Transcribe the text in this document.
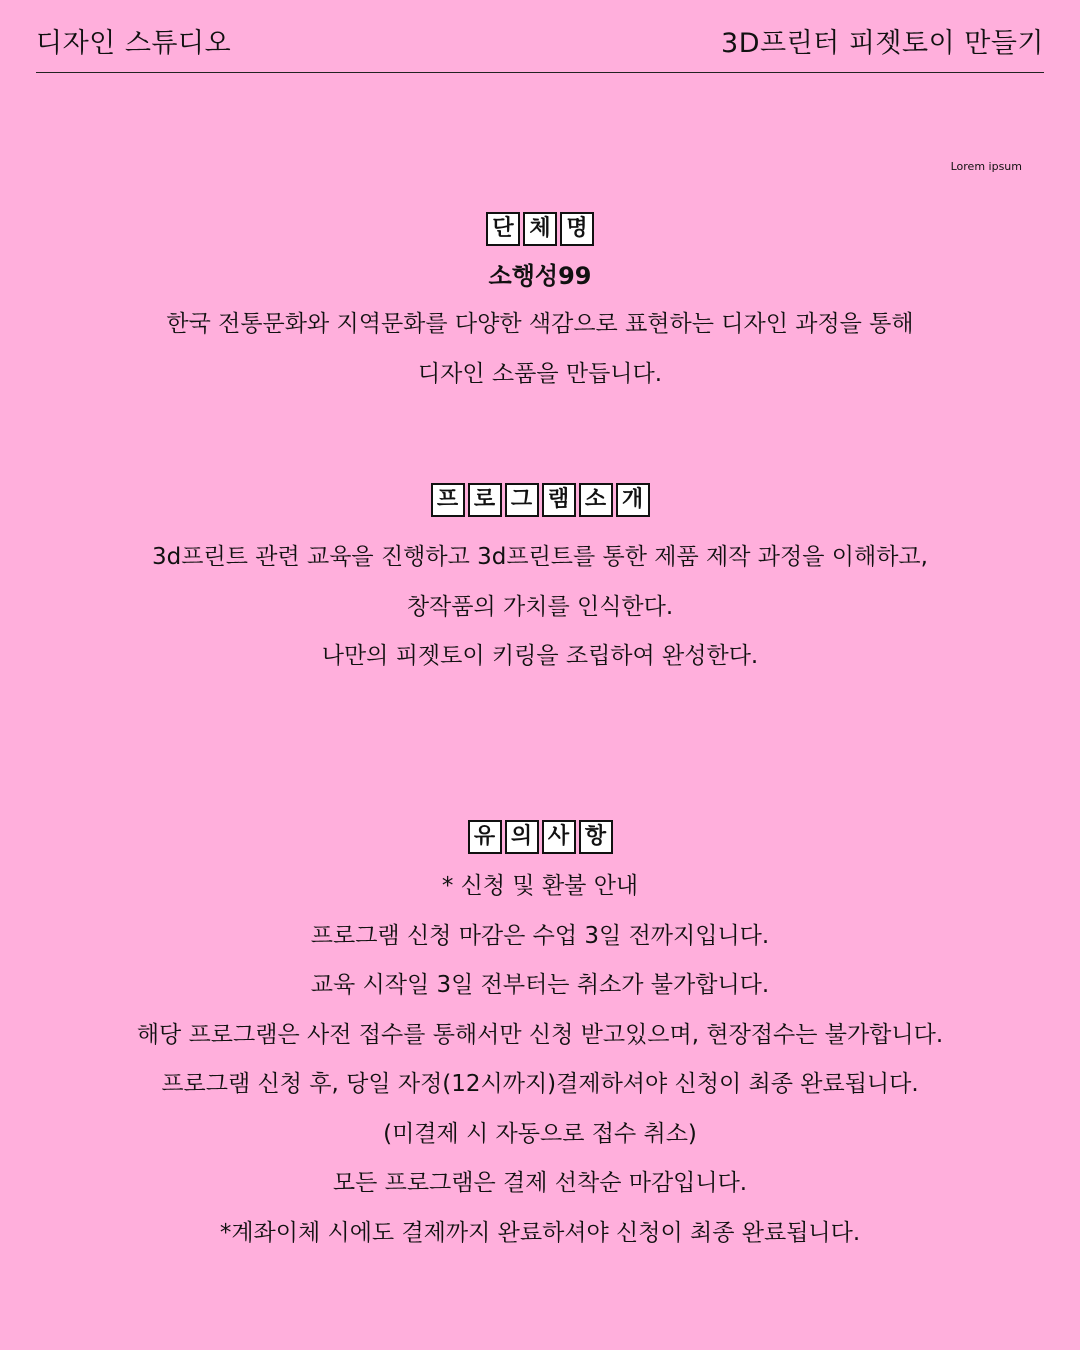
디자인 스튜디오	3D프린터 피젯토이 만들기
Lorem ipsum
단 체 명
소행성99
한국 전통문화와 지역문화를 다양한 색감으로 표현하는 디자인 과정을 통해
디자인 소품을 만듭니다.
프 로 그 램 소 개
3d프린트 관련 교육을 진행하고 3d프린트를 통한 제품 제작 과정을 이해하고,
창작품의 가치를 인식한다.
나만의 피젯토이 키링을 조립하여 완성한다.
유 의 사 항
* 신청 및 환불 안내
프로그램 신청 마감은 수업 3일 전까지입니다.
교육 시작일 3일 전부터는 취소가 불가합니다.
해당 프로그램은 사전 접수를 통해서만 신청 받고있으며, 현장접수는 불가합니다.
프로그램 신청 후, 당일 자정(12시까지)결제하셔야 신청이 최종 완료됩니다.
(미결제 시 자동으로 접수 취소)
모든 프로그램은 결제 선착순 마감입니다.
*계좌이체 시에도 결제까지 완료하셔야 신청이 최종 완료됩니다.
